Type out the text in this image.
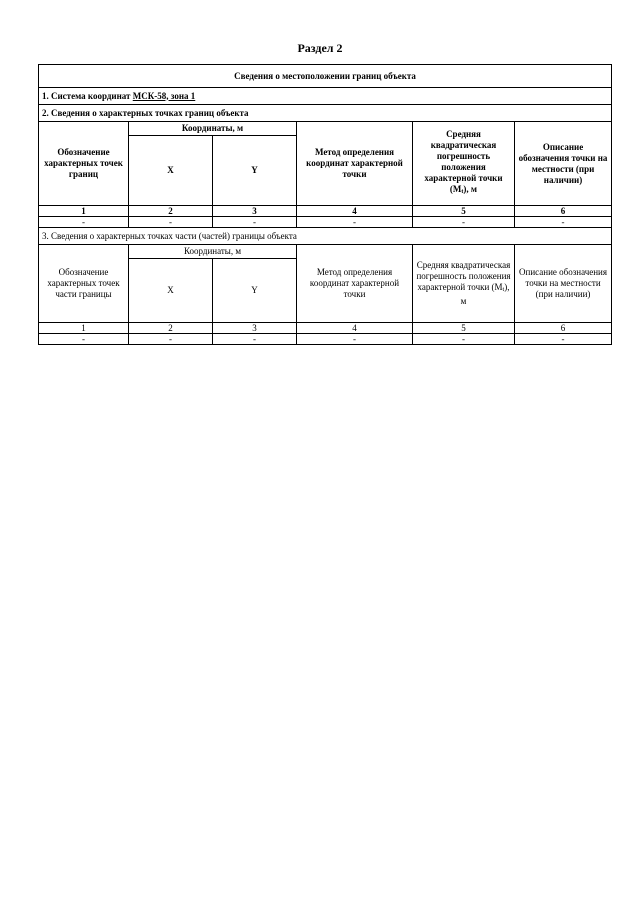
Раздел 2
Сведения о местоположении границ объекта					
1. Система координат МСК-58, зона 1					
2. Сведения о характерных точках границ объекта					
Обозначение характерных точек границ	Координаты, м		Метод определения координат характерной точки	Средняя квадратическая погрешность положения характерной точки (Mt), м	Описание обозначения точки на местности (при наличии)
	X	Y			
1	2	3	4	5	6
-	-	-	-	-	-
3. Сведения о характерных точках части (частей) границы объекта					
Обозначение характерных точек части границы	Координаты, м		Метод определения координат характерной точки	Средняя квадратическая погрешность положения характерной точки (Mt), м	Описание обозначения точки на местности (при наличии)
	X	Y			
1	2	3	4	5	6
-	-	-	-	-	-
